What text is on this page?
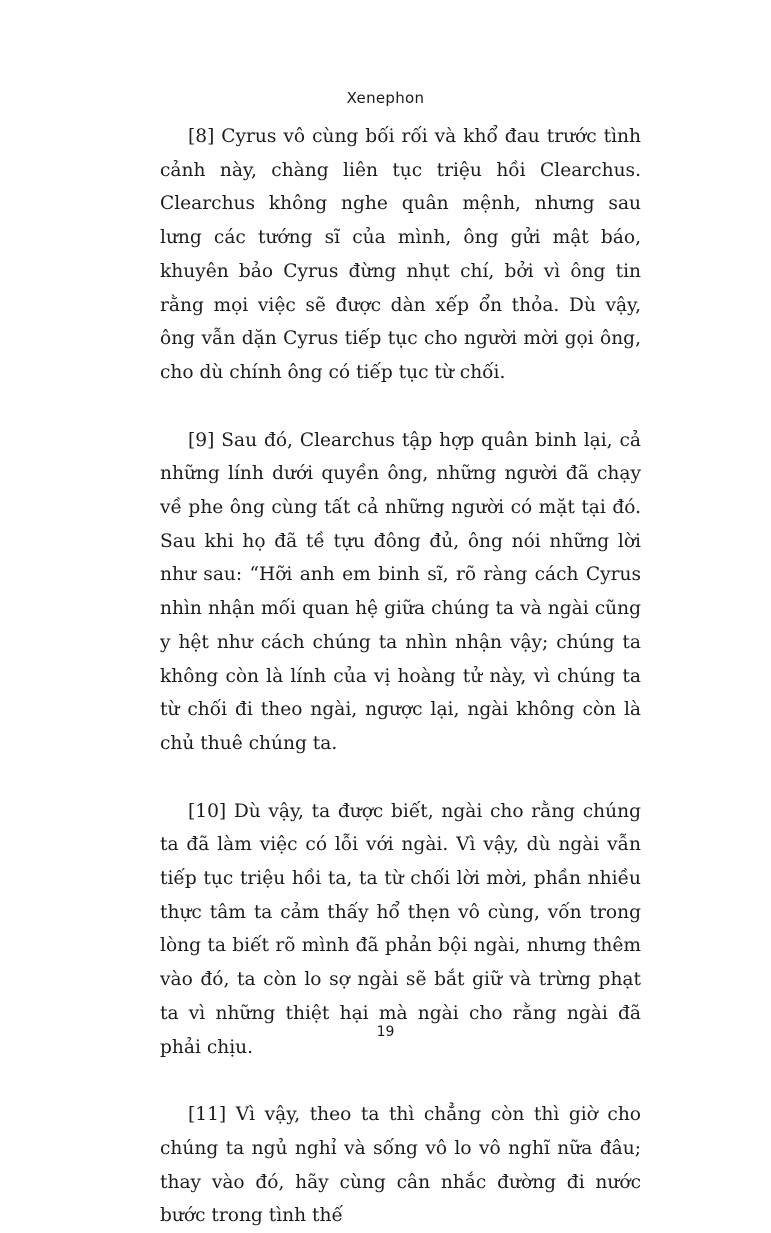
Xenephon

[8] Cyrus vô cùng bối rối và khổ đau trước tình cảnh này, chàng liên tục triệu hồi Clearchus. Clearchus không nghe quân mệnh, nhưng sau lưng các tướng sĩ của mình, ông gửi mật báo, khuyên bảo Cyrus đừng nhụt chí, bởi vì ông tin rằng mọi việc sẽ được dàn xếp ổn thỏa. Dù vậy, ông vẫn dặn Cyrus tiếp tục cho người mời gọi ông, cho dù chính ông có tiếp tục từ chối.

[9] Sau đó, Clearchus tập hợp quân binh lại, cả những lính dưới quyền ông, những người đã chạy về phe ông cùng tất cả những người có mặt tại đó. Sau khi họ đã tề tựu đông đủ, ông nói những lời như sau: “Hỡi anh em binh sĩ, rõ ràng cách Cyrus nhìn nhận mối quan hệ giữa chúng ta và ngài cũng y hệt như cách chúng ta nhìn nhận vậy; chúng ta không còn là lính của vị hoàng tử này, vì chúng ta từ chối đi theo ngài, ngược lại, ngài không còn là chủ thuê chúng ta.

[10] Dù vậy, ta được biết, ngài cho rằng chúng ta đã làm việc có lỗi với ngài. Vì vậy, dù ngài vẫn tiếp tục triệu hồi ta, ta từ chối lời mời, phần nhiều thực tâm ta cảm thấy hổ thẹn vô cùng, vốn trong lòng ta biết rõ mình đã phản bội ngài, nhưng thêm vào đó, ta còn lo sợ ngài sẽ bắt giữ và trừng phạt ta vì những thiệt hại mà ngài cho rằng ngài đã phải chịu.

[11] Vì vậy, theo ta thì chẳng còn thì giờ cho chúng ta ngủ nghỉ và sống vô lo vô nghĩ nữa đâu; thay vào đó, hãy cùng cân nhắc đường đi nước bước trong tình thế

19
